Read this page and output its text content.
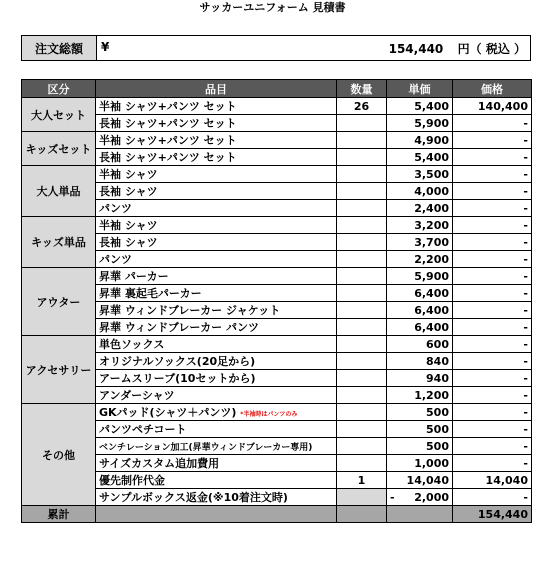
サッカーユニフォーム 見積書
注文総額	¥	154,440 円（ 税込 ）
区分	品目	数量	単価	価格
大人セット	半袖 シャツ+パンツ セット	26	5,400	140,400
	長袖 シャツ+パンツ セット		5,900	-
キッズセット	半袖 シャツ+パンツ セット		4,900	-
	長袖 シャツ+パンツ セット		5,400	-
大人単品	半袖 シャツ		3,500	-
	長袖 シャツ		4,000	-
	パンツ		2,400	-
キッズ単品	半袖 シャツ		3,200	-
	長袖 シャツ		3,700	-
	パンツ		2,200	-
アウター	昇華 パーカー		5,900	-
	昇華 裏起毛パーカー		6,400	-
	昇華 ウィンドブレーカー ジャケット		6,400	-
	昇華 ウィンドブレーカー パンツ		6,400	-
アクセサリー	単色ソックス		600	-
	オリジナルソックス(20足から)		840	-
	アームスリーブ(10セットから)		940	-
	アンダーシャツ		1,200	-
その他	GKパッド(シャツ＋パンツ) *半袖時はパンツのみ		500	-
	パンツペチコート		500	-
	ベンチレーション加工(昇華ウィンドブレーカー専用)		500	-
	サイズカスタム追加費用		1,000	-
	優先制作代金	1	14,040	14,040
	サンプルボックス返金(※10着注文時)		- 2,000	-
累計				154,440
